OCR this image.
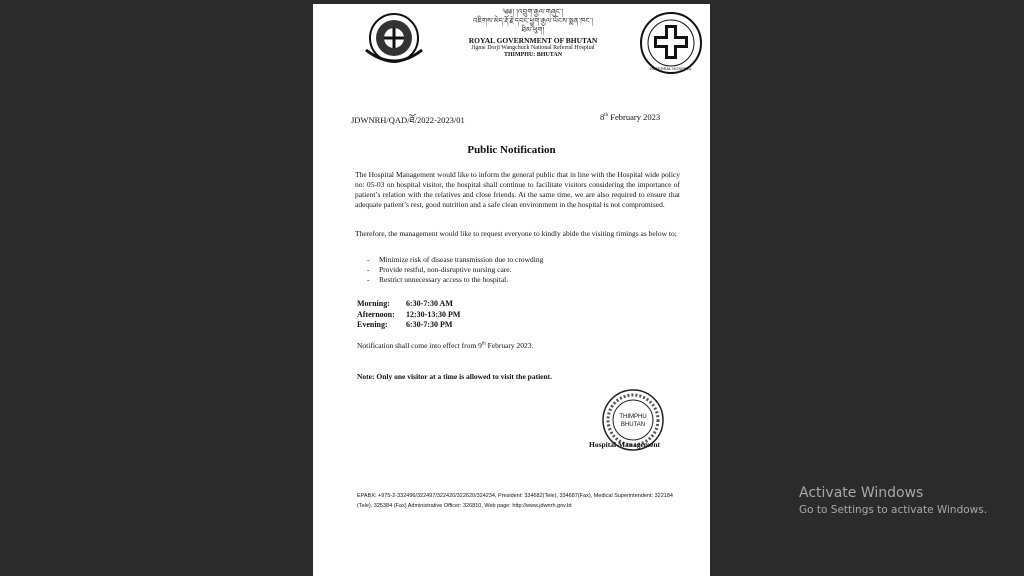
༄༅། །འབྲུག་རྒྱལ་གཞུང་།
འཇིགས་མེད་རྡོ་རྗེ་དབང་ཕྱུག་རྒྱལ་ཡོངས་སྨན་ཁང་།
ཐིམ་ཕུག།
ROYAL GOVERNMENT OF BHUTAN
Jigme Dorji Wangchuck National Referral Hospital
THIMPHU: BHUTAN
REFERRAL HOSPITAL
JDWNRH/QAD/ཐོ/2022-2023/01	8th February 2023
Public Notification
The Hospital Management would like to inform the general public that in line with the Hospital wide policy no: 05-03 on hospital visitor, the hospital shall continue to facilitate visitors considering the importance of patient’s relation with the relatives and close friends. At the same time, we are also required to ensure that adequate patient’s rest, good nutrition and a safe clean environment in the hospital is not compromised.
Therefore, the management would like to request everyone to kindly abide the visiting timings as below to;
-	Minimize risk of disease transmission due to crowding
-	Provide restful, non-disruptive nursing care.
-	Restrict unnecessary access to the hospital.
Morning:	6:30-7:30 AM
Afternoon:	12:30-13:30 PM
Evening:	6:30-7:30 PM
Notification shall come into effect from 9th February 2023.
Note: Only one visitor at a time is allowed to visit the patient.
THIMPHU
BHUTAN
Hospital Management
EPABX: +975-2-332496/322497/322420/322620/324234, President: 334682(Tele), 334687(Fax), Medical Superintendent: 322184 (Tele), 325384 (Fax) Administrative Officer: 326810, Web page: http://www.jdwnrh.gov.bt
Activate Windows
Go to Settings to activate Windows.
